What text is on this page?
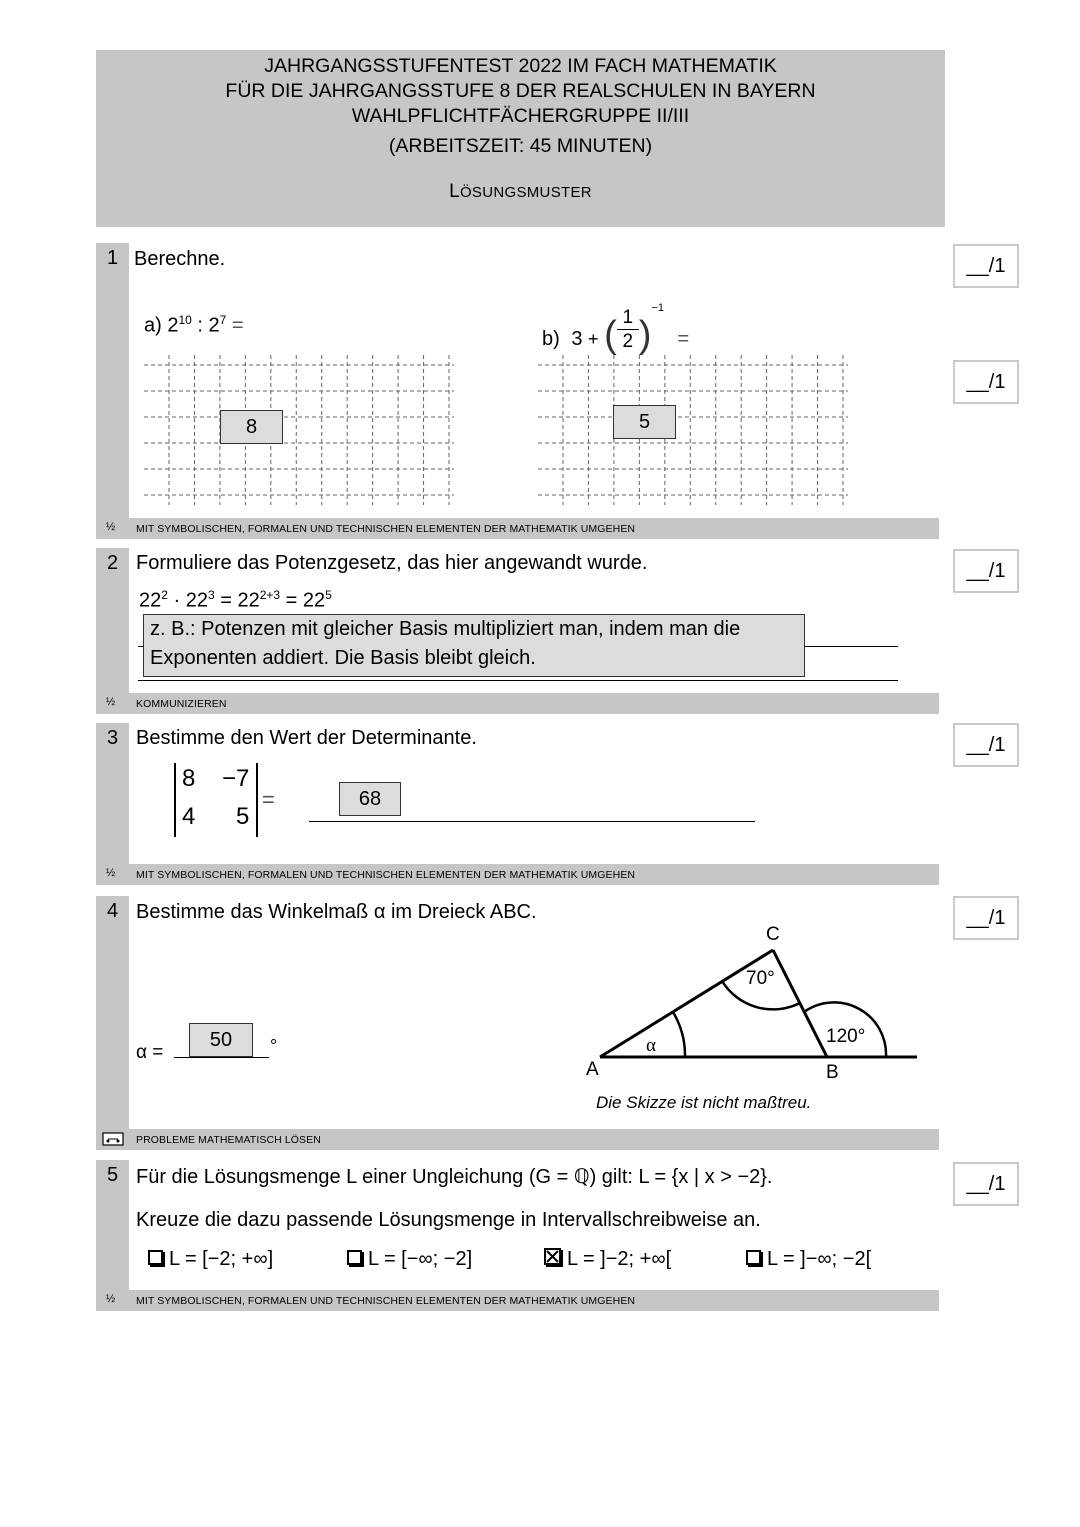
JAHRGANGSSTUFENTEST 2022 IM FACH MATHEMATIK
FÜR DIE JAHRGANGSSTUFE 8 DER REALSCHULEN IN BAYERN
WAHLPFLICHTFÄCHERGRUPPE II/III
(ARBEITSZEIT: 45 MINUTEN)
LÖSUNGSMUSTER
__/1
__/1
__/1
__/1
__/1
__/1
1 Berechne.
a) $2^{10}$ : $2^7$ =
8
b) 3 + ( $\frac{1}{2} )^{-1}$ =
5
½ MIT SYMBOLISCHEN, FORMALEN UND TECHNISCHEN ELEMENTEN DER MATHEMATIK UMGEHEN
2 Formuliere das Potenzgesetz, das hier angewandt wurde.
$22^2 \cdot 22^3 = 22^{2+3} = 22^5$
z. B.: Potenzen mit gleicher Basis multipliziert man, indem man die
Exponenten addiert. Die Basis bleibt gleich.
½ KOMMUNIZIEREN
3 Bestimme den Wert der Determinante.
8 −7
4 5
=	68
½ MIT SYMBOLISCHEN, FORMALEN UND TECHNISCHEN ELEMENTEN DER MATHEMATIK UMGEHEN
4 Bestimme das Winkelmaß α im Dreieck ABC.
α =
50	°
C
70°
120°
α
A	B
Die Skizze ist nicht maßtreu.
PROBLEME MATHEMATISCH LÖSEN
5 Für die Lösungsmenge L einer Ungleichung (G = ℚ) gilt: L = {x | x > −2}.
Kreuze die dazu passende Lösungsmenge in Intervallschreibweise an.
L = [−2; +∞]	L = [−∞; −2]	L = ]−2; +∞[	L = ]−∞; −2[
½ MIT SYMBOLISCHEN, FORMALEN UND TECHNISCHEN ELEMENTEN DER MATHEMATIK UMGEHEN
